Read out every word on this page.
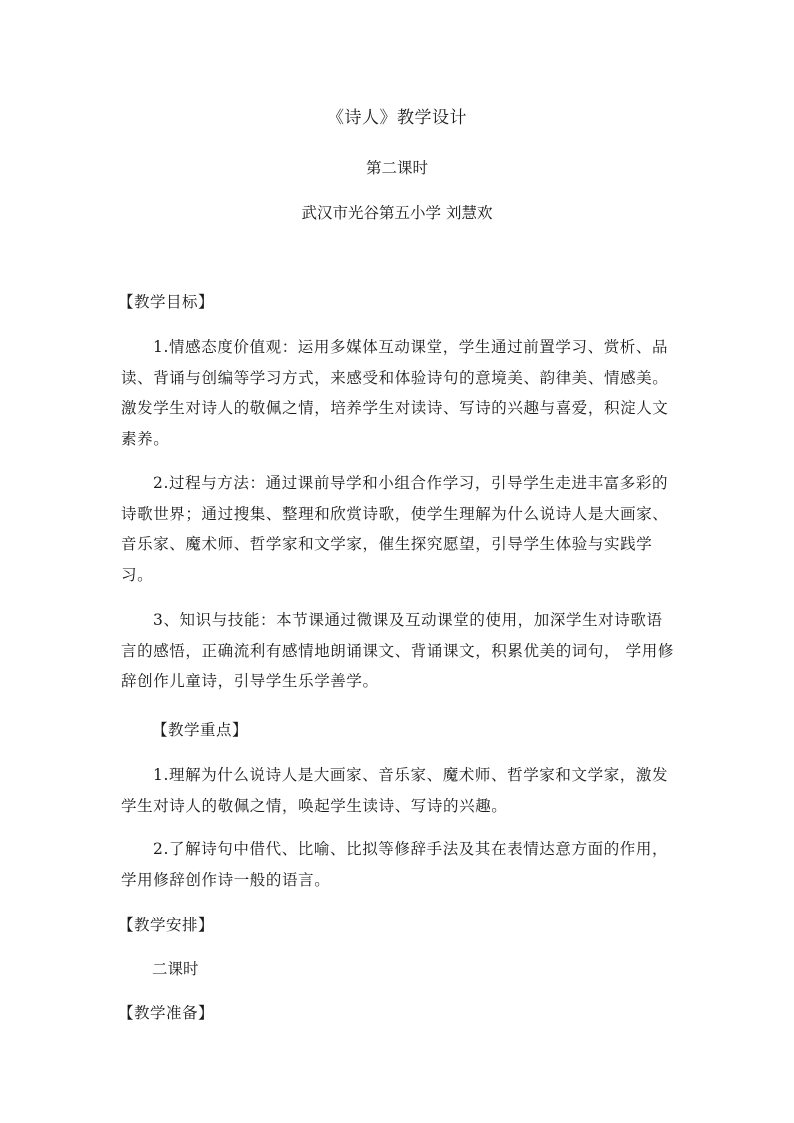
《诗人》教学设计
第二课时
武汉市光谷第五小学 刘慧欢
【教学目标】
1.情感态度价值观：运用多媒体互动课堂，学生通过前置学习、赏析、品读、背诵与创编等学习方式，来感受和体验诗句的意境美、韵律美、情感美。激发学生对诗人的敬佩之情，培养学生对读诗、写诗的兴趣与喜爱，积淀人文素养。
2.过程与方法：通过课前导学和小组合作学习，引导学生走进丰富多彩的诗歌世界；通过搜集、整理和欣赏诗歌，使学生理解为什么说诗人是大画家、音乐家、魔术师、哲学家和文学家，催生探究愿望，引导学生体验与实践学习。
3、知识与技能：本节课通过微课及互动课堂的使用，加深学生对诗歌语言的感悟，正确流利有感情地朗诵课文、背诵课文，积累优美的词句， 学用修辞创作儿童诗，引导学生乐学善学。
【教学重点】
1.理解为什么说诗人是大画家、音乐家、魔术师、哲学家和文学家，激发学生对诗人的敬佩之情，唤起学生读诗、写诗的兴趣。
2.了解诗句中借代、比喻、比拟等修辞手法及其在表情达意方面的作用，学用修辞创作诗一般的语言。
【教学安排】
二课时
【教学准备】
